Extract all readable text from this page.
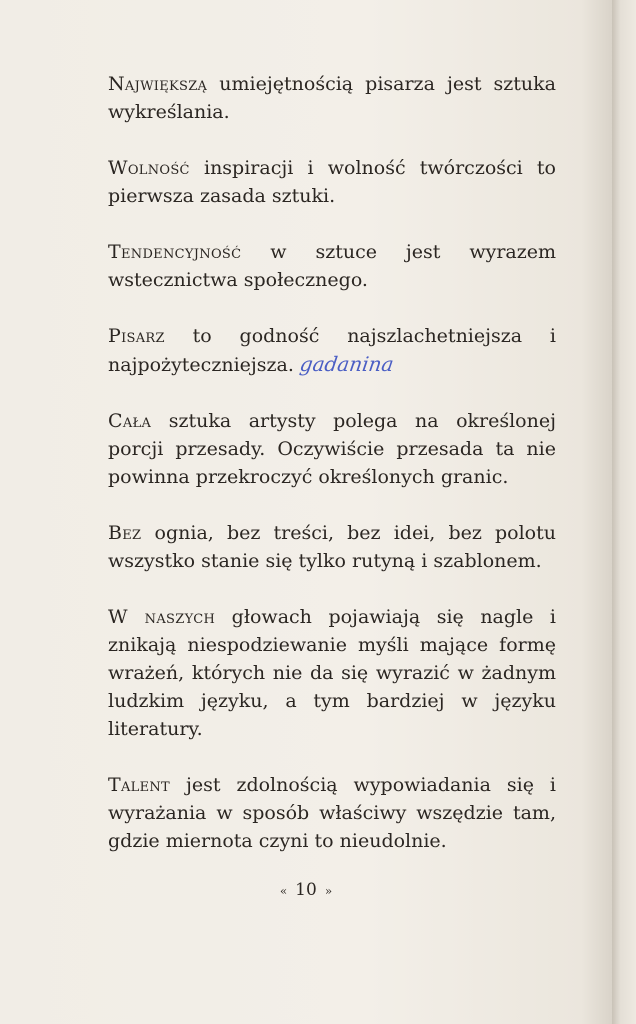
Największą umiejętnością pisarza jest sztuka wykreślania.

Wolność inspiracji i wolność twórczości to pierwsza zasada sztuki.

Tendencyjność w sztuce jest wyrazem wstecznictwa społecznego.

Pisarz to godność najszlachetniejsza i najpożyteczniejsza. gadanina

Cała sztuka artysty polega na określonej porcji przesady. Oczywiście przesada ta nie powinna przekroczyć określonych granic.

Bez ognia, bez treści, bez idei, bez polotu wszystko stanie się tylko rutyną i szablonem.

W naszych głowach pojawiają się nagle i znikają niespodziewanie myśli mające formę wrażeń, których nie da się wyrazić w żadnym ludzkim języku, a tym bardziej w języku literatury.

Talent jest zdolnością wypowiadania się i wyrażania w sposób właściwy wszędzie tam, gdzie miernota czyni to nieudolnie.

« 10 »
